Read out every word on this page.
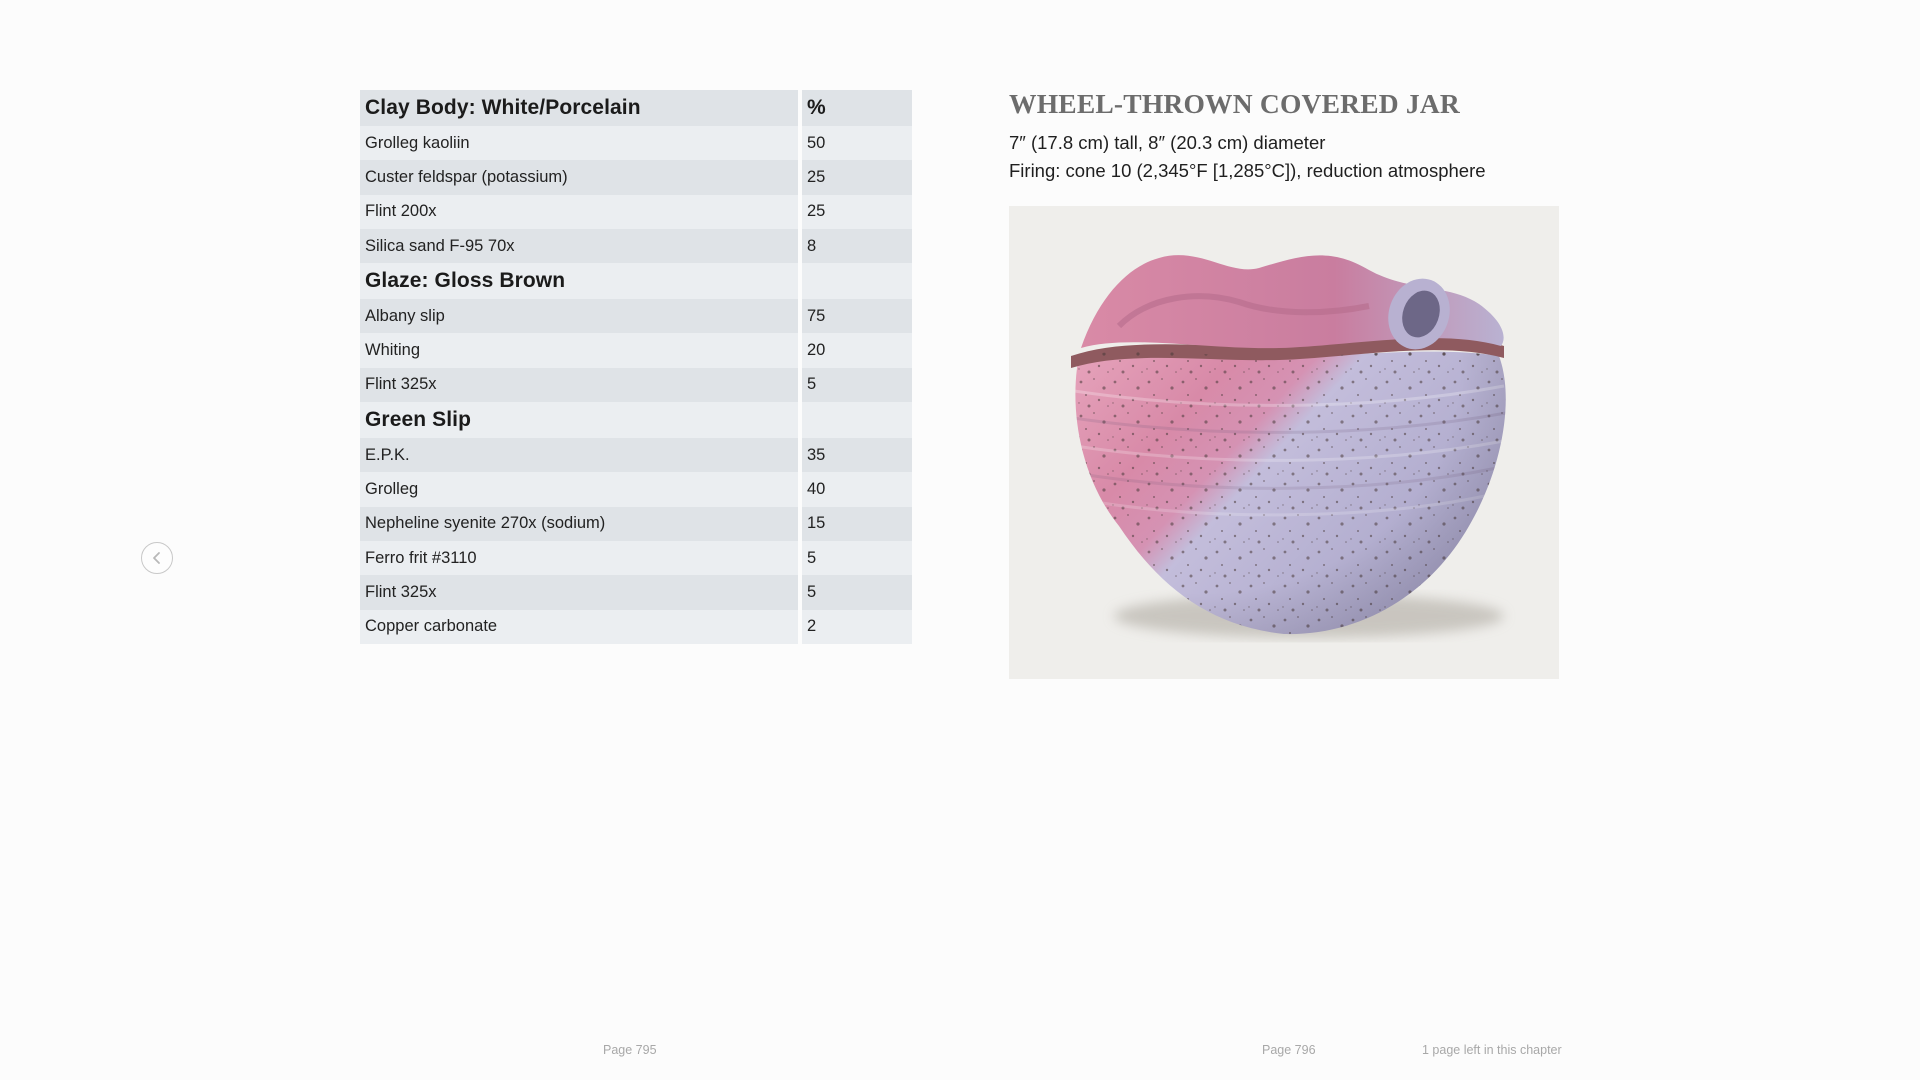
Clay Body: White/Porcelain	%
Grolleg kaoliin	50
Custer feldspar (potassium)	25
Flint 200x	25
Silica sand F-95 70x	8
Glaze: Gloss Brown	
Albany slip	75
Whiting	20
Flint 325x	5
Green Slip	
E.P.K.	35
Grolleg	40
Nepheline syenite 270x (sodium)	15
Ferro frit #3110	5
Flint 325x	5
Copper carbonate	2
WHEEL-THROWN COVERED JAR

7″ (17.8 cm) tall, 8″ (20.3 cm) diameter

Firing: cone 10 (2,345°F [1,285°C]), reduction atmosphere

Page 795	Page 796	1 page left in this chapter
